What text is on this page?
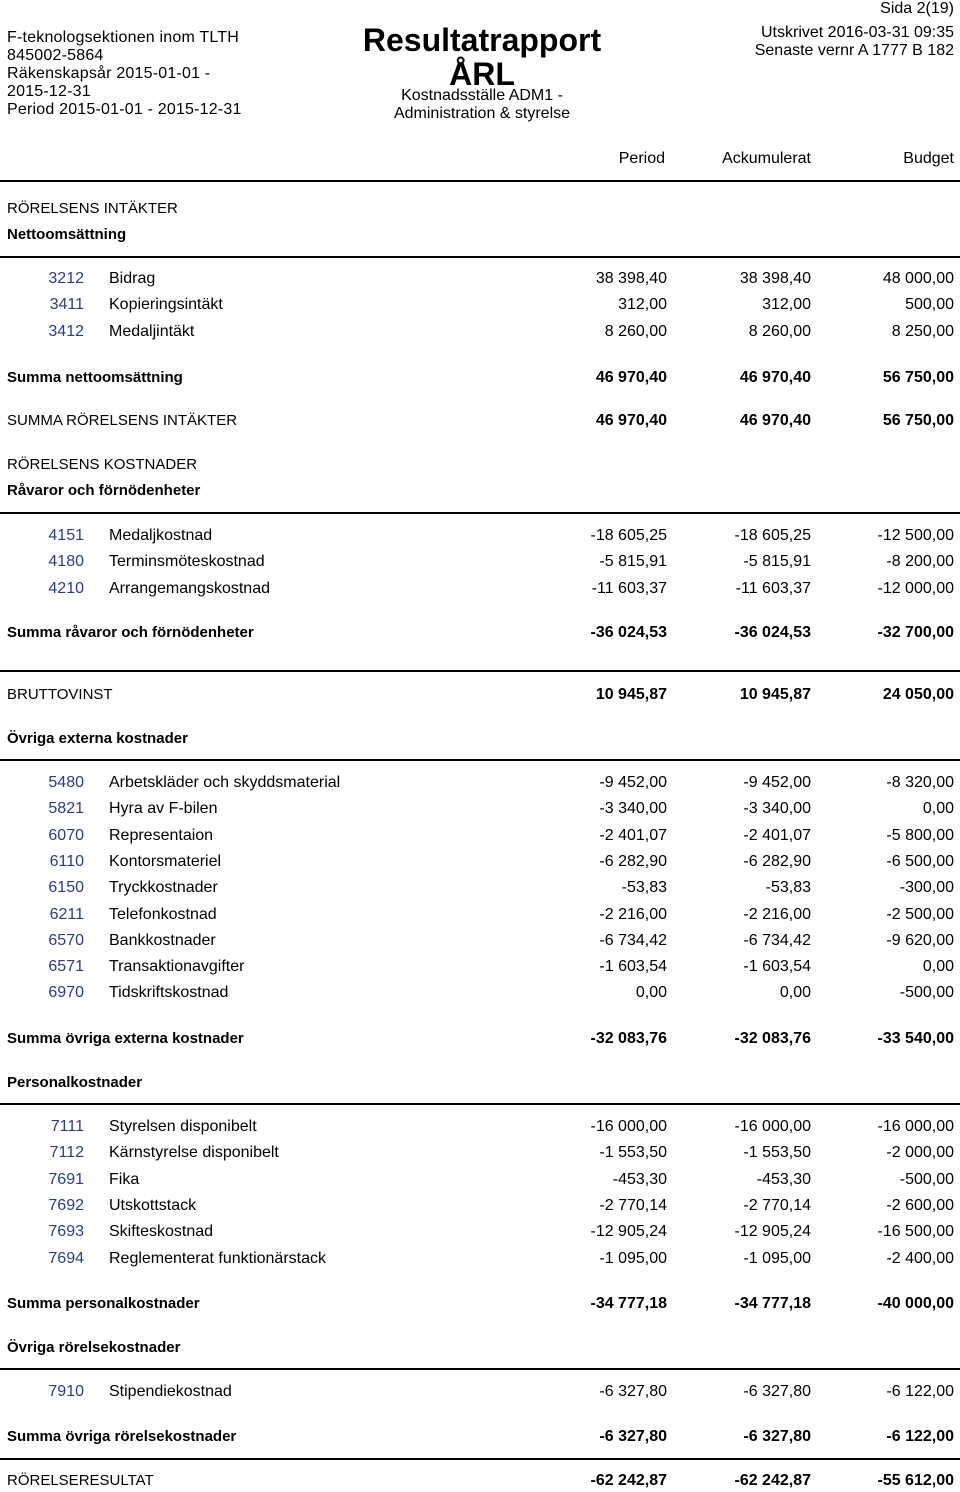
Sida 2(19)
F-teknologsektionen inom TLTH
845002-5864
Räkenskapsår 2015-01-01 -
2015-12-31
Period 2015-01-01 - 2015-12-31
Resultatrapport
ÅRL
Kostnadsställe ADM1 -
Administration & styrelse
Utskrivet 2016-03-31 09:35
Senaste vernr A 1777 B 182
Period	Ackumulerat	Budget
RÖRELSENS INTÄKTER
Nettoomsättning
3212 Bidrag	38 398,40	38 398,40	48 000,00
3411 Kopieringsintäkt	312,00	312,00	500,00
3412 Medaljintäkt	8 260,00	8 260,00	8 250,00
Summa nettoomsättning	46 970,40	46 970,40	56 750,00
SUMMA RÖRELSENS INTÄKTER	46 970,40	46 970,40	56 750,00
RÖRELSENS KOSTNADER
Råvaror och förnödenheter
4151 Medaljkostnad	-18 605,25	-18 605,25	-12 500,00
4180 Terminsmöteskostnad	-5 815,91	-5 815,91	-8 200,00
4210 Arrangemangskostnad	-11 603,37	-11 603,37	-12 000,00
Summa råvaror och förnödenheter	-36 024,53	-36 024,53	-32 700,00
BRUTTOVINST	10 945,87	10 945,87	24 050,00
Övriga externa kostnader
5480 Arbetskläder och skyddsmaterial	-9 452,00	-9 452,00	-8 320,00
5821 Hyra av F-bilen	-3 340,00	-3 340,00	0,00
6070 Representaion	-2 401,07	-2 401,07	-5 800,00
6110 Kontorsmateriel	-6 282,90	-6 282,90	-6 500,00
6150 Tryckkostnader	-53,83	-53,83	-300,00
6211 Telefonkostnad	-2 216,00	-2 216,00	-2 500,00
6570 Bankkostnader	-6 734,42	-6 734,42	-9 620,00
6571 Transaktionavgifter	-1 603,54	-1 603,54	0,00
6970 Tidskriftskostnad	0,00	0,00	-500,00
Summa övriga externa kostnader	-32 083,76	-32 083,76	-33 540,00
Personalkostnader
7111 Styrelsen disponibelt	-16 000,00	-16 000,00	-16 000,00
7112 Kärnstyrelse disponibelt	-1 553,50	-1 553,50	-2 000,00
7691 Fika	-453,30	-453,30	-500,00
7692 Utskottstack	-2 770,14	-2 770,14	-2 600,00
7693 Skifteskostnad	-12 905,24	-12 905,24	-16 500,00
7694 Reglementerat funktionärstack	-1 095,00	-1 095,00	-2 400,00
Summa personalkostnader	-34 777,18	-34 777,18	-40 000,00
Övriga rörelsekostnader
7910 Stipendiekostnad	-6 327,80	-6 327,80	-6 122,00
Summa övriga rörelsekostnader	-6 327,80	-6 327,80	-6 122,00
RÖRELSERESULTAT	-62 242,87	-62 242,87	-55 612,00
